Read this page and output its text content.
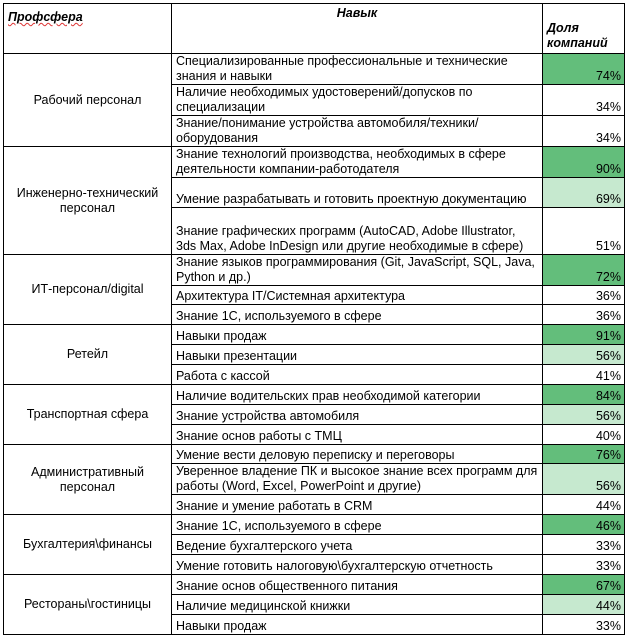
Профсфера	Навык	Доля компаний
Рабочий персонал	Специализированные профессиональные и технические знания и навыки	74%
	Наличие необходимых удостоверений/допусков по специализации	34%
	Знание/понимание устройства автомобиля/техники/оборудования	34%
Инженерно-технический персонал	Знание технологий производства, необходимых в сфере деятельности компании-работодателя	90%
	Умение разрабатывать и готовить проектную документацию	69%
	Знание графических программ (AutoCAD, Adobe Illustrator, 3ds Max, Adobe InDesign или другие необходимые в сфере)	51%
ИТ-персонал/digital	Знание языков программирования (Git, JavaScript, SQL, Java, Python и др.)	72%
	Архитектура IT/Системная архитектура	36%
	Знание 1С, используемого в сфере	36%
Ретейл	Навыки продаж	91%
	Навыки презентации	56%
	Работа с кассой	41%
Транспортная сфера	Наличие водительских прав необходимой категории	84%
	Знание устройства автомобиля	56%
	Знание основ работы с ТМЦ	40%
Административный персонал	Умение вести деловую переписку и переговоры	76%
	Уверенное владение ПК и высокое знание всех программ для работы (Word, Excel, PowerPoint и другие)	56%
	Знание и умение работать в CRM	44%
Бухгалтерия\финансы	Знание 1С, используемого в сфере	46%
	Ведение бухгалтерского учета	33%
	Умение готовить налоговую\бухгалтерскую отчетность	33%
Рестораны\гостиницы	Знание основ общественного питания	67%
	Наличие медицинской книжки	44%
	Навыки продаж	33%
